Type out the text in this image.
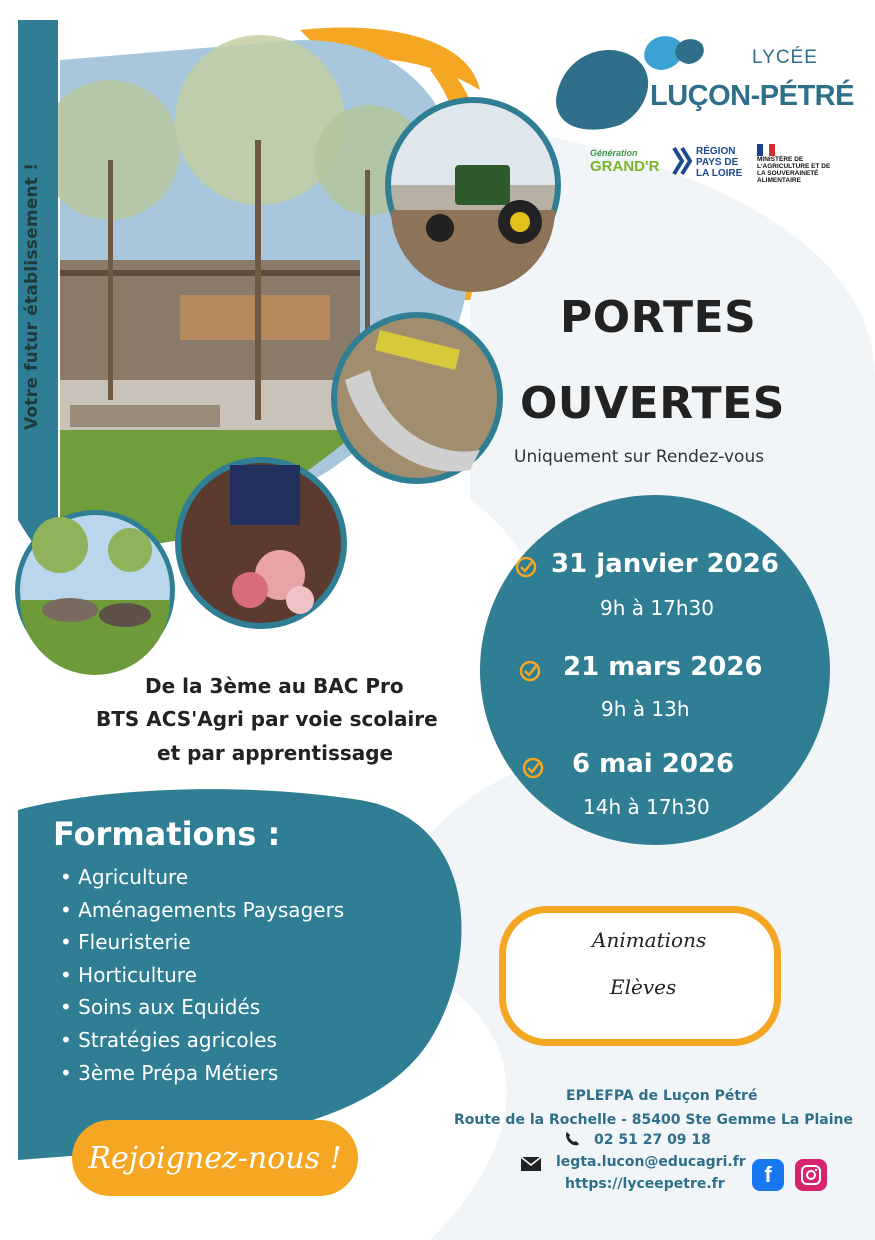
Votre futur établissement !
LYCÉE
LUÇON-PÉTRÉ
Génération
GRAND'R
RÉGION PAYS DE LA LOIRE
MINISTÈRE DE L'AGRICULTURE ET DE LA SOUVERAINETÉ ALIMENTAIRE
PORTES
OUVERTES
Uniquement sur Rendez-vous
31 janvier 2026
9h à 17h30
21 mars 2026
9h à 13h
6 mai 2026
14h à 17h30
De la 3ème au BAC Pro
BTS ACS'Agri par voie scolaire
et par apprentissage
Formations :
• Agriculture
• Aménagements Paysagers
• Fleuristerie
• Horticulture
• Soins aux Equidés
• Stratégies agricoles
• 3ème Prépa Métiers
Rejoignez-nous !
Animations
Elèves
EPLEFPA de Luçon Pétré
Route de la Rochelle - 85400 Ste Gemme La Plaine
02 51 27 09 18
legta.lucon@educagri.fr
https://lyceepetre.fr	f
